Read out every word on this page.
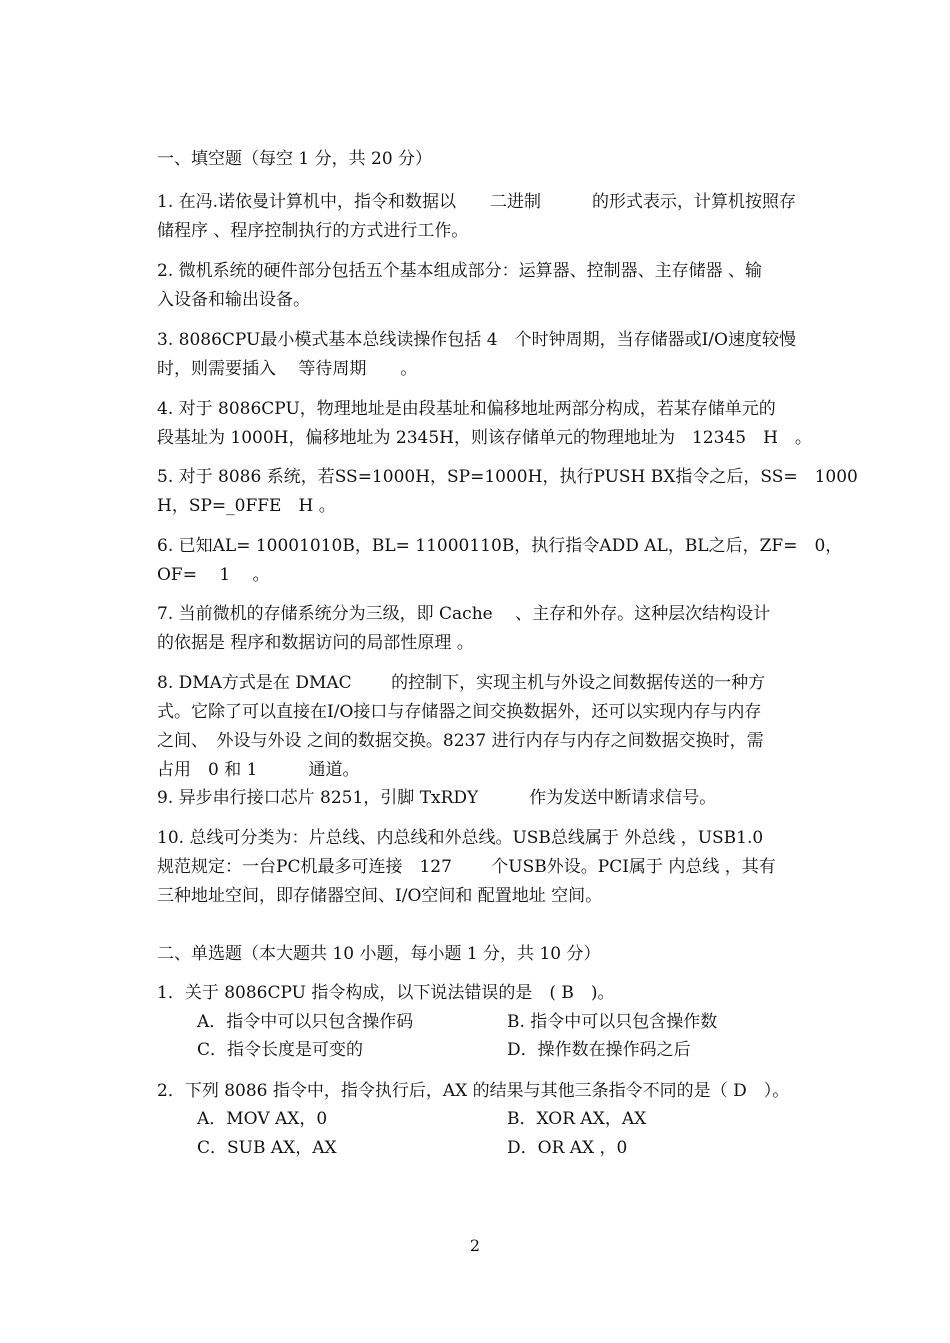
一、填空题（每空 1 分，共 20 分）
1. 在冯.诺依曼计算机中，指令和数据以　　二进制　　　的形式表示，计算机按照存
储程序 、程序控制执行的方式进行工作。
2. 微机系统的硬件部分包括五个基本组成部分：运算器、控制器、主存储器 、输
入设备和输出设备。
3. 8086CPU最小模式基本总线读操作包括 4　个时钟周期，当存储器或I/O速度较慢
时，则需要插入　 等待周期　　。
4. 对于 8086CPU，物理地址是由段基址和偏移地址两部分构成，若某存储单元的
段基址为 1000H，偏移地址为 2345H，则该存储单元的物理地址为　12345　H　。
5. 对于 8086 系统，若SS=1000H，SP=1000H，执行PUSH BX指令之后，SS=　1000
H，SP=_0FFE　H 。
6. 已知AL= 10001010B，BL= 11000110B，执行指令ADD AL，BL之后，ZF=　0，
OF=　 1　 。
7. 当前微机的存储系统分为三级，即 Cache　 、主存和外存。这种层次结构设计
的依据是 程序和数据访问的局部性原理 。
8. DMA方式是在 DMAC　　 的控制下，实现主机与外设之间数据传送的一种方
式。它除了可以直接在I/O接口与存储器之间交换数据外，还可以实现内存与内存
之间、　外设与外设 之间的数据交换。8237 进行内存与内存之间数据交换时，需
占用　0 和 1　　　通道。
9. 异步串行接口芯片 8251，引脚 TxRDY　　　作为发送中断请求信号。
10. 总线可分类为：片总线、内总线和外总线。USB总线属于 外总线 ，USB1.0
规范规定：一台PC机最多可连接　127　　 个USB外设。PCI属于 内总线 ，其有
三种地址空间，即存储器空间、I/O空间和 配置地址 空间。
二、单选题（本大题共 10 小题，每小题 1 分，共 10 分）
1．关于 8086CPU 指令构成，以下说法错误的是　( B　)。
A．指令中可以只包含操作码	B. 指令中可以只包含操作数
C．指令长度是可变的	D．操作数在操作码之后
2．下列 8086 指令中，指令执行后，AX 的结果与其他三条指令不同的是（ D　）。
A．MOV AX，0	B．XOR AX，AX
C．SUB AX，AX	D．OR AX ，0
2
